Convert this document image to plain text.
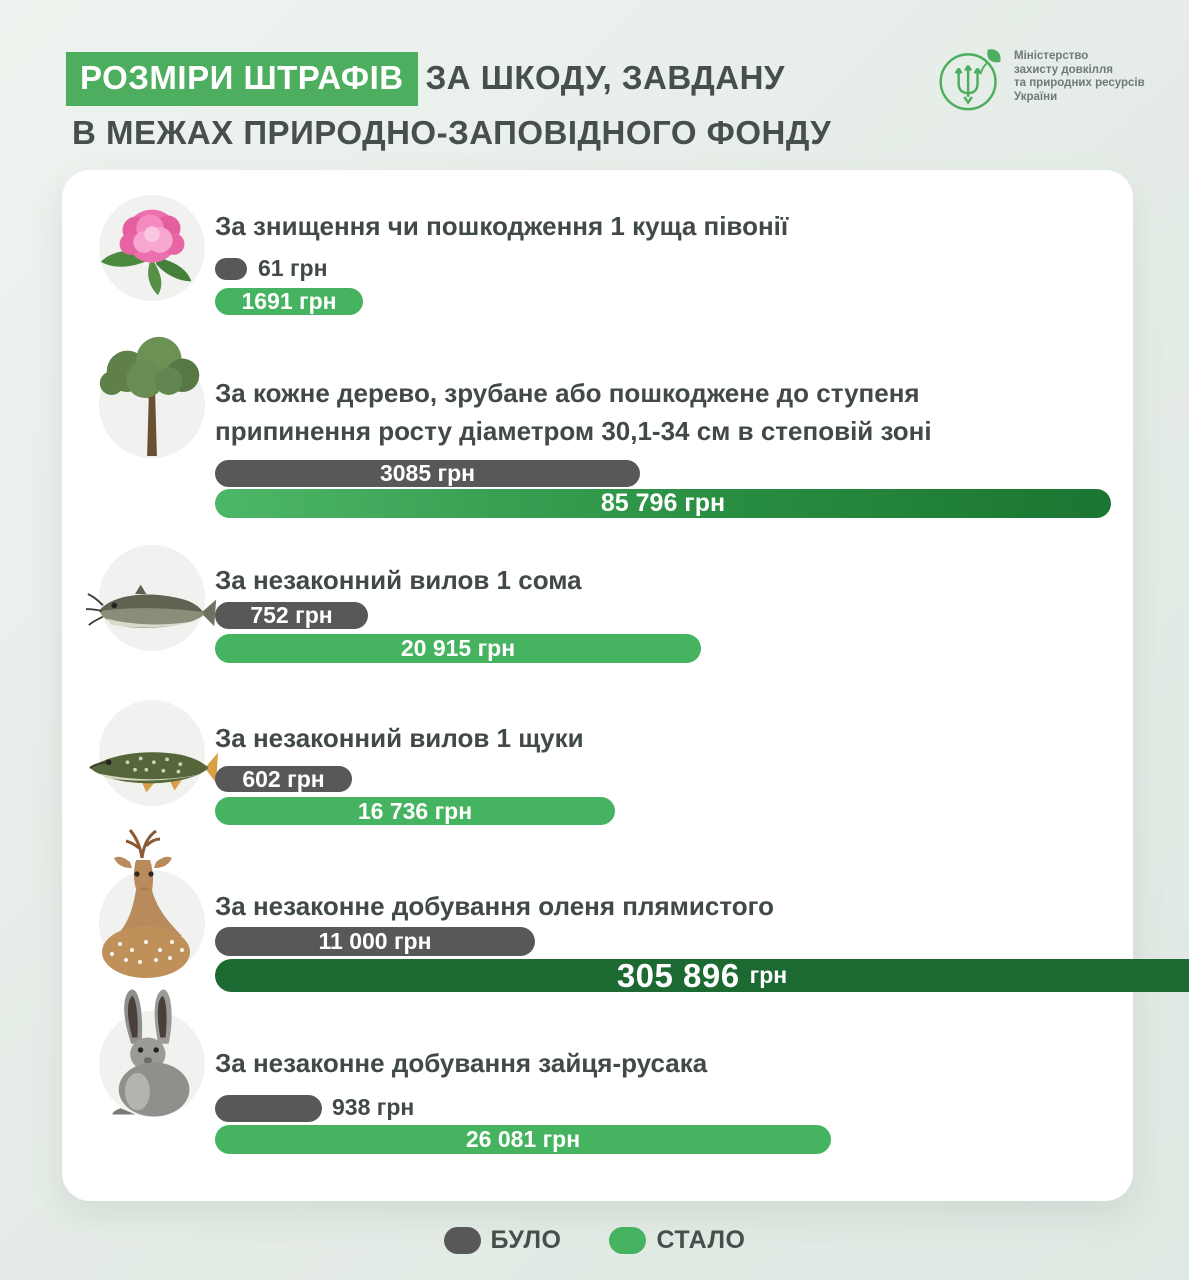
РОЗМІРИ ШТРАФІВ ЗА ШКОДУ, ЗАВДАНУ
В МЕЖАХ ПРИРОДНО-ЗАПОВІДНОГО ФОНДУ
Міністерство
захисту довкілля
та природних ресурсів
України
За знищення чи пошкодження 1 куща півонії
61 грн
1691 грн
За кожне дерево, зрубане або пошкоджене до ступеня припинення росту діаметром 30,1-34 см в степовій зоні
3085 грн
85 796 грн
За незаконний вилов 1 сома
752 грн
20 915 грн
За незаконний вилов 1 щуки
602 грн
16 736 грн
За незаконне добування оленя плямистого
11 000 грн
305 896 грн
За незаконне добування зайця-русака
938 грн
26 081 грн
БУЛО	СТАЛО
